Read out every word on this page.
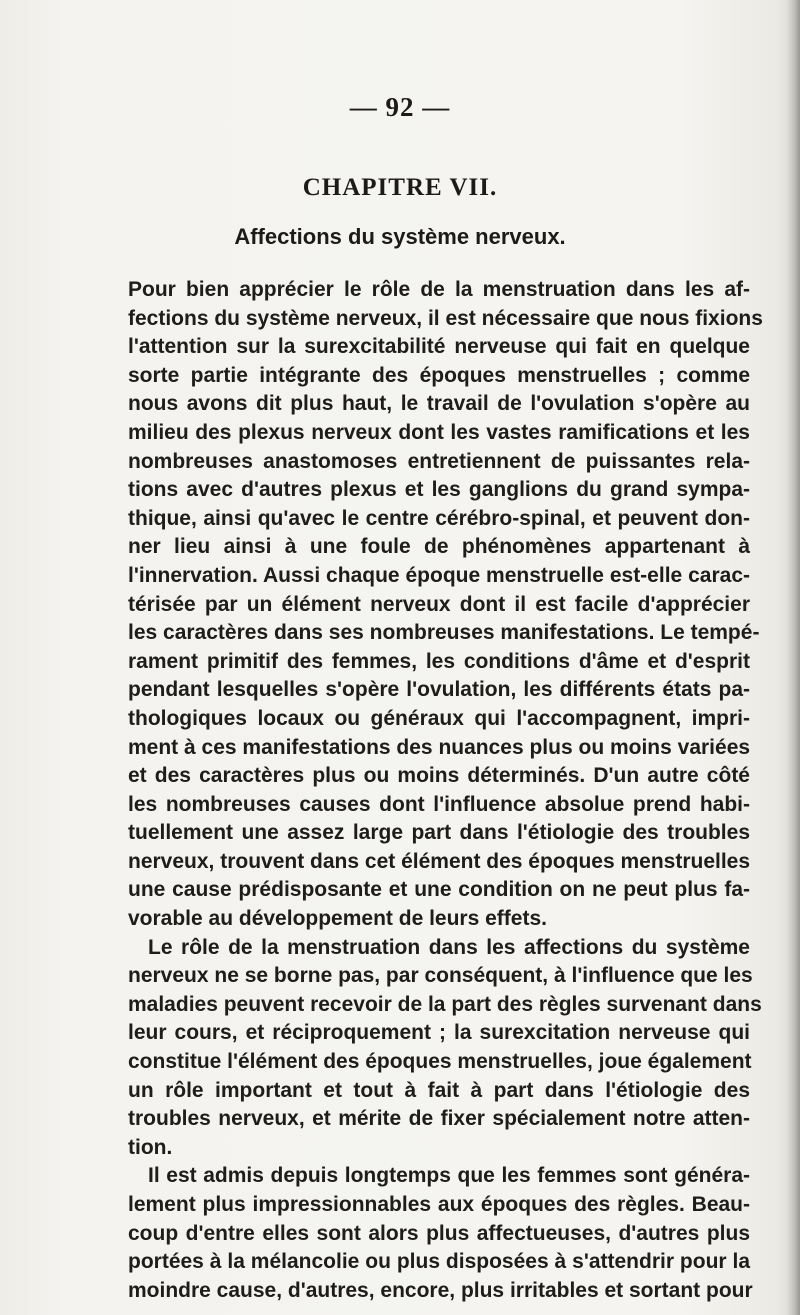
— 92 —
CHAPITRE VII.
Affections du système nerveux.
Pour bien apprécier le rôle de la menstruation dans les af-
fections du système nerveux, il est nécessaire que nous fixions
l'attention sur la surexcitabilité nerveuse qui fait en quelque
sorte partie intégrante des époques menstruelles ; comme
nous avons dit plus haut, le travail de l'ovulation s'opère au
milieu des plexus nerveux dont les vastes ramifications et les
nombreuses anastomoses entretiennent de puissantes rela-
tions avec d'autres plexus et les ganglions du grand sympa-
thique, ainsi qu'avec le centre cérébro-spinal, et peuvent don-
ner lieu ainsi à une foule de phénomènes appartenant à
l'innervation. Aussi chaque époque menstruelle est-elle carac-
térisée par un élément nerveux dont il est facile d'apprécier
les caractères dans ses nombreuses manifestations. Le tempé-
rament primitif des femmes, les conditions d'âme et d'esprit
pendant lesquelles s'opère l'ovulation, les différents états pa-
thologiques locaux ou généraux qui l'accompagnent, impri-
ment à ces manifestations des nuances plus ou moins variées
et des caractères plus ou moins déterminés. D'un autre côté
les nombreuses causes dont l'influence absolue prend habi-
tuellement une assez large part dans l'étiologie des troubles
nerveux, trouvent dans cet élément des époques menstruelles
une cause prédisposante et une condition on ne peut plus fa-
vorable au développement de leurs effets.
Le rôle de la menstruation dans les affections du système
nerveux ne se borne pas, par conséquent, à l'influence que les
maladies peuvent recevoir de la part des règles survenant dans
leur cours, et réciproquement ; la surexcitation nerveuse qui
constitue l'élément des époques menstruelles, joue également
un rôle important et tout à fait à part dans l'étiologie des
troubles nerveux, et mérite de fixer spécialement notre atten-
tion.
Il est admis depuis longtemps que les femmes sont généra-
lement plus impressionnables aux époques des règles. Beau-
coup d'entre elles sont alors plus affectueuses, d'autres plus
portées à la mélancolie ou plus disposées à s'attendrir pour la
moindre cause, d'autres, encore, plus irritables et sortant pour
